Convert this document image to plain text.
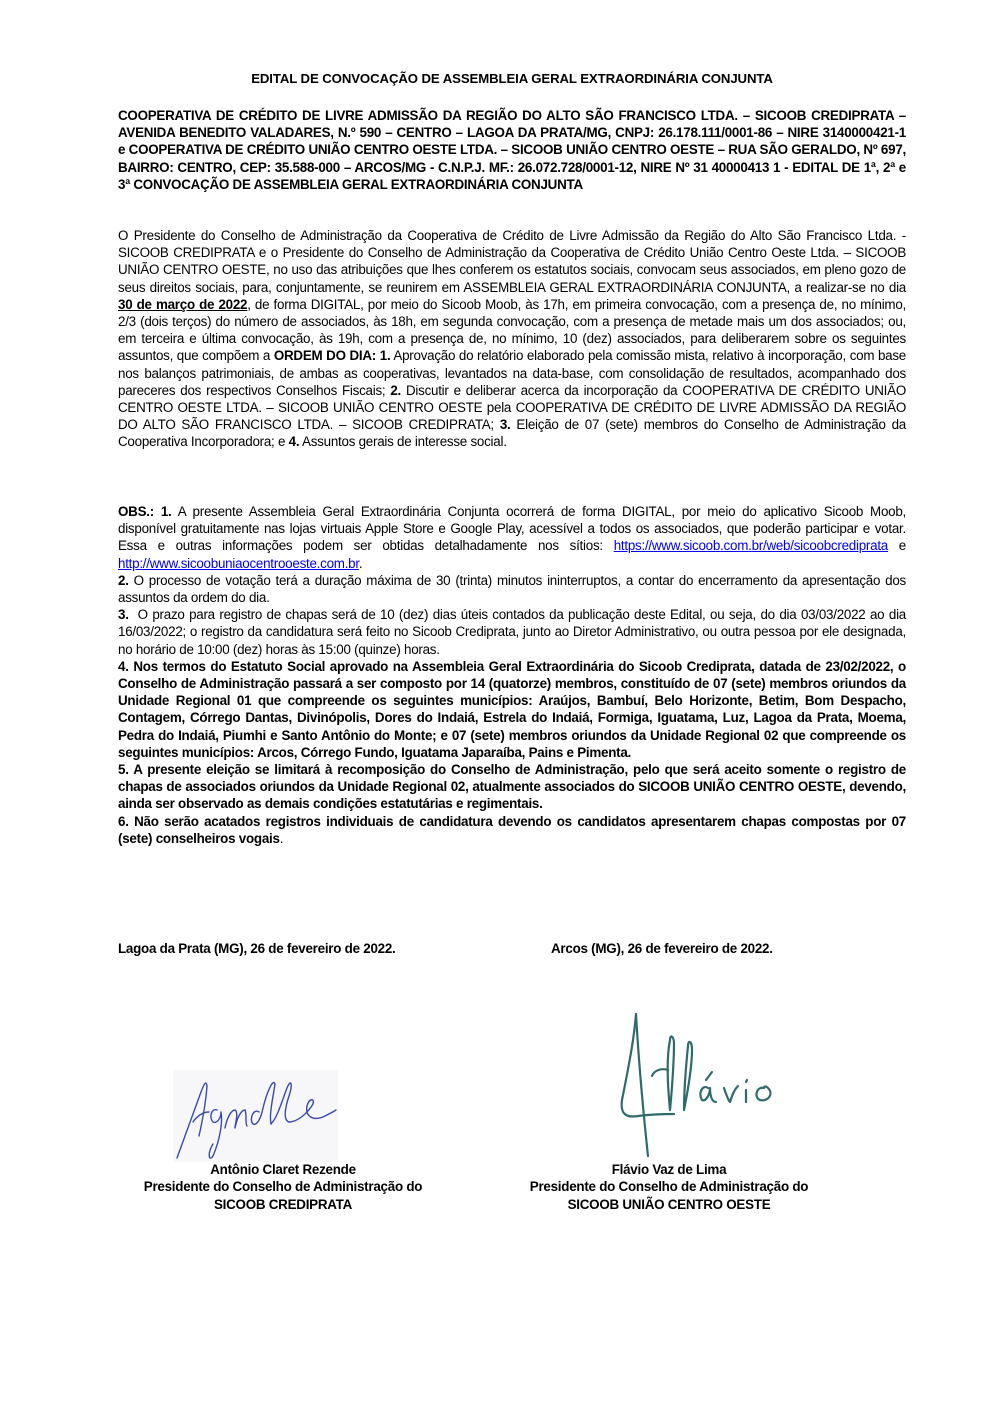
EDITAL DE CONVOCAÇÃO DE ASSEMBLEIA GERAL EXTRAORDINÁRIA CONJUNTA
COOPERATIVA DE CRÉDITO DE LIVRE ADMISSÃO DA REGIÃO DO ALTO SÃO FRANCISCO LTDA. – SICOOB CREDIPRATA – AVENIDA BENEDITO VALADARES, N.º 590 – CENTRO – LAGOA DA PRATA/MG, CNPJ: 26.178.111/0001-86 – NIRE 3140000421-1 e COOPERATIVA DE CRÉDITO UNIÃO CENTRO OESTE LTDA. – SICOOB UNIÃO CENTRO OESTE – RUA SÃO GERALDO, Nº 697, BAIRRO: CENTRO, CEP: 35.588-000 – ARCOS/MG - C.N.P.J. MF.: 26.072.728/0001-12, NIRE Nº 31 40000413 1 - EDITAL DE 1ª, 2ª e 3ª CONVOCAÇÃO DE ASSEMBLEIA GERAL EXTRAORDINÁRIA CONJUNTA
O Presidente do Conselho de Administração da Cooperativa de Crédito de Livre Admissão da Região do Alto São Francisco Ltda. - SICOOB CREDIPRATA e o Presidente do Conselho de Administração da Cooperativa de Crédito União Centro Oeste Ltda. – SICOOB UNIÃO CENTRO OESTE, no uso das atribuições que lhes conferem os estatutos sociais, convocam seus associados, em pleno gozo de seus direitos sociais, para, conjuntamente, se reunirem em ASSEMBLEIA GERAL EXTRAORDINÁRIA CONJUNTA, a realizar-se no dia 30 de março de 2022, de forma DIGITAL, por meio do Sicoob Moob, às 17h, em primeira convocação, com a presença de, no mínimo, 2/3 (dois terços) do número de associados, às 18h, em segunda convocação, com a presença de metade mais um dos associados; ou, em terceira e última convocação, às 19h, com a presença de, no mínimo, 10 (dez) associados, para deliberarem sobre os seguintes assuntos, que compõem a ORDEM DO DIA: 1. Aprovação do relatório elaborado pela comissão mista, relativo à incorporação, com base nos balanços patrimoniais, de ambas as cooperativas, levantados na data-base, com consolidação de resultados, acompanhado dos pareceres dos respectivos Conselhos Fiscais; 2. Discutir e deliberar acerca da incorporação da COOPERATIVA DE CRÉDITO UNIÃO CENTRO OESTE LTDA. – SICOOB UNIÃO CENTRO OESTE pela COOPERATIVA DE CRÉDITO DE LIVRE ADMISSÃO DA REGIÃO DO ALTO SÃO FRANCISCO LTDA. – SICOOB CREDIPRATA; 3. Eleição de 07 (sete) membros do Conselho de Administração da Cooperativa Incorporadora; e 4. Assuntos gerais de interesse social.

OBS.: 1. A presente Assembleia Geral Extraordinária Conjunta ocorrerá de forma DIGITAL, por meio do aplicativo Sicoob Moob, disponível gratuitamente nas lojas virtuais Apple Store e Google Play, acessível a todos os associados, que poderão participar e votar. Essa e outras informações podem ser obtidas detalhadamente nos sítios: https://www.sicoob.com.br/web/sicoobcrediprata e http://www.sicoobuniaocentrooeste.com.br.

2. O processo de votação terá a duração máxima de 30 (trinta) minutos ininterruptos, a contar do encerramento da apresentação dos assuntos da ordem do dia.

3.  O prazo para registro de chapas será de 10 (dez) dias úteis contados da publicação deste Edital, ou seja, do dia 03/03/2022 ao dia 16/03/2022; o registro da candidatura será feito no Sicoob Crediprata, junto ao Diretor Administrativo, ou outra pessoa por ele designada, no horário de 10:00 (dez) horas às 15:00 (quinze) horas.

4. Nos termos do Estatuto Social aprovado na Assembleia Geral Extraordinária do Sicoob Crediprata, datada de 23/02/2022, o Conselho de Administração passará a ser composto por 14 (quatorze) membros, constituído de 07 (sete) membros oriundos da Unidade Regional 01 que compreende os seguintes municípios: Araújos, Bambuí, Belo Horizonte, Betim, Bom Despacho, Contagem, Córrego Dantas, Divinópolis, Dores do Indaiá, Estrela do Indaiá, Formiga, Iguatama, Luz, Lagoa da Prata, Moema, Pedra do Indaiá, Piumhi e Santo Antônio do Monte; e 07 (sete) membros oriundos da Unidade Regional 02 que compreende os seguintes municípios: Arcos, Córrego Fundo, Iguatama Japaraíba, Pains e Pimenta.

5. A presente eleição se limitará à recomposição do Conselho de Administração, pelo que será aceito somente o registro de chapas de associados oriundos da Unidade Regional 02, atualmente associados do SICOOB UNIÃO CENTRO OESTE, devendo, ainda ser observado as demais condições estatutárias e regimentais.

6. Não serão acatados registros individuais de candidatura devendo os candidatos apresentarem chapas compostas por 07 (sete) conselheiros vogais.

Lagoa da Prata (MG), 26 de fevereiro de 2022.	Arcos (MG), 26 de fevereiro de 2022.
Antônio Claret Rezende
Presidente do Conselho de Administração do
SICOOB CREDIPRATA
Flávio Vaz de Lima
Presidente do Conselho de Administração do
SICOOB UNIÃO CENTRO OESTE
